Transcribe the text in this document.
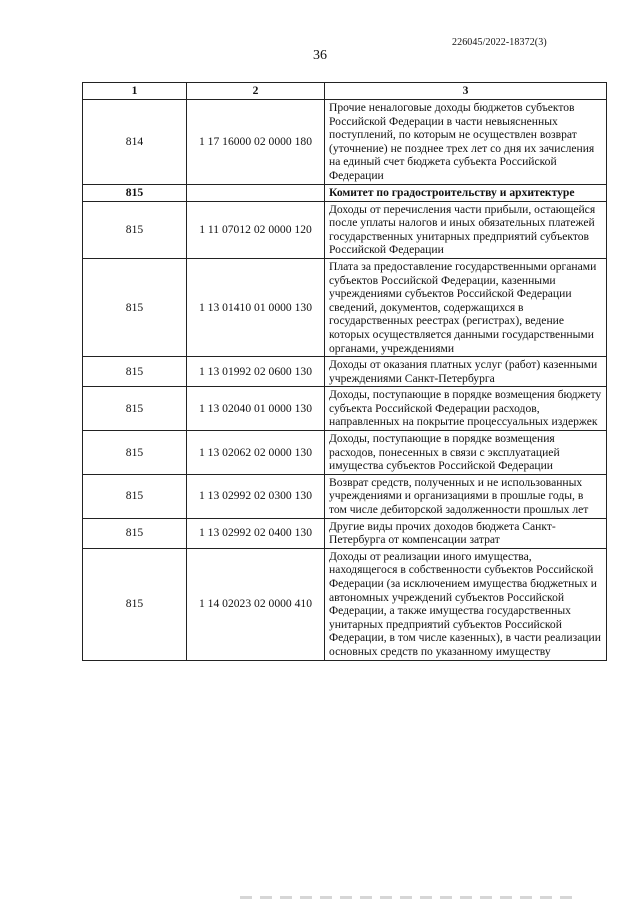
226045/2022-18372(3)
36
1	2	3
814	1 17 16000 02 0000 180	Прочие неналоговые доходы бюджетов субъектов Российской Федерации в части невыясненных поступлений, по которым не осуществлен возврат (уточнение) не позднее трех лет со дня их зачисления на единый счет бюджета субъекта Российской Федерации
815		Комитет по градостроительству и архитектуре
815	1 11 07012 02 0000 120	Доходы от перечисления части прибыли, остающейся после уплаты налогов и иных обязательных платежей государственных унитарных предприятий субъектов Российской Федерации
815	1 13 01410 01 0000 130	Плата за предоставление государственными органами субъектов Российской Федерации, казенными учреждениями субъектов Российской Федерации сведений, документов, содержащихся в государственных реестрах (регистрах), ведение которых осуществляется данными государственными органами, учреждениями
815	1 13 01992 02 0600 130	Доходы от оказания платных услуг (работ) казенными учреждениями Санкт-Петербурга
815	1 13 02040 01 0000 130	Доходы, поступающие в порядке возмещения бюджету субъекта Российской Федерации расходов, направленных на покрытие процессуальных издержек
815	1 13 02062 02 0000 130	Доходы, поступающие в порядке возмещения расходов, понесенных в связи с эксплуатацией имущества субъектов Российской Федерации
815	1 13 02992 02 0300 130	Возврат средств, полученных и не использованных учреждениями и организациями в прошлые годы, в том числе дебиторской задолженности прошлых лет
815	1 13 02992 02 0400 130	Другие виды прочих доходов бюджета Санкт-Петербурга от компенсации затрат
815	1 14 02023 02 0000 410	Доходы от реализации иного имущества, находящегося в собственности субъектов Российской Федерации (за исключением имущества бюджетных и автономных учреждений субъектов Российской Федерации, а также имущества государственных унитарных предприятий субъектов Российской Федерации, в том числе казенных), в части реализации основных средств по указанному имуществу
